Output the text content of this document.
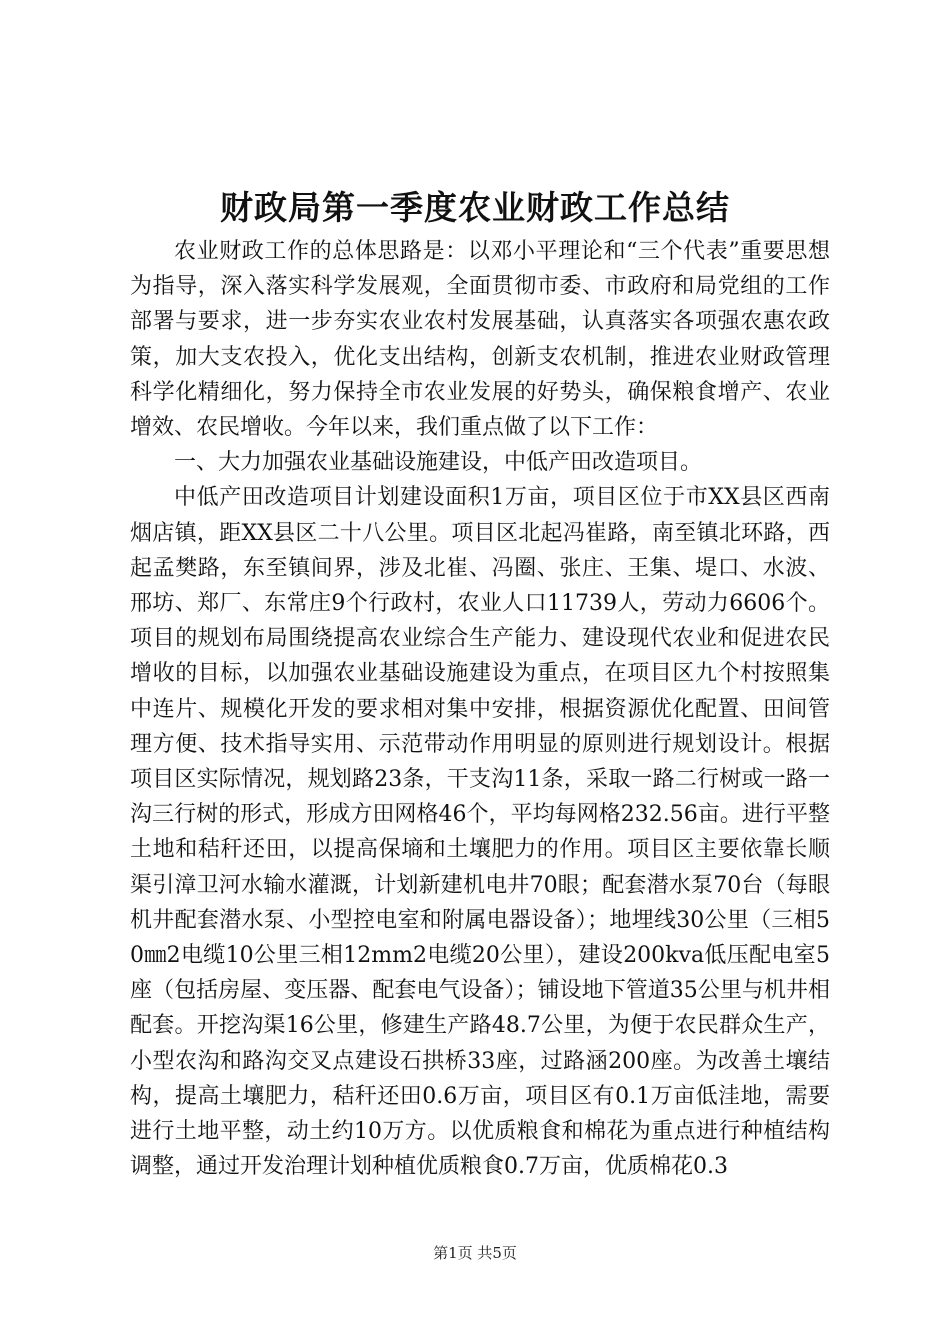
财政局第一季度农业财政工作总结

农业财政工作的总体思路是：以邓小平理论和“三个代表”重要思想为指导，深入落实科学发展观，全面贯彻市委、市政府和局党组的工作部署与要求，进一步夯实农业农村发展基础，认真落实各项强农惠农政策，加大支农投入，优化支出结构，创新支农机制，推进农业财政管理科学化精细化，努力保持全市农业发展的好势头，确保粮食增产、农业增效、农民增收。今年以来，我们重点做了以下工作：

一、大力加强农业基础设施建设，中低产田改造项目。

中低产田改造项目计划建设面积1万亩，项目区位于市XX县区西南烟店镇，距XX县区二十八公里。项目区北起冯崔路，南至镇北环路，西起孟樊路，东至镇间界，涉及北崔、冯圈、张庄、王集、堤口、水波、邢坊、郑厂、东常庄9个行政村，农业人口11739人，劳动力6606个。项目的规划布局围绕提高农业综合生产能力、建设现代农业和促进农民增收的目标，以加强农业基础设施建设为重点，在项目区九个村按照集中连片、规模化开发的要求相对集中安排，根据资源优化配置、田间管理方便、技术指导实用、示范带动作用明显的原则进行规划设计。根据项目区实际情况，规划路23条，干支沟11条，采取一路二行树或一路一沟三行树的形式，形成方田网格46个，平均每网格232.56亩。进行平整土地和秸秆还田，以提高保墒和土壤肥力的作用。项目区主要依靠长顺渠引漳卫河水输水灌溉，计划新建机电井70眼；配套潜水泵70台（每眼机井配套潜水泵、小型控电室和附属电器设备）；地埋线30公里（三相50㎜2电缆10公里三相12mm2电缆20公里），建设200kva低压配电室5座（包括房屋、变压器、配套电气设备）；铺设地下管道35公里与机井相配套。开挖沟渠16公里，修建生产路48.7公里，为便于农民群众生产，小型农沟和路沟交叉点建设石拱桥33座，过路涵200座。为改善土壤结构，提高土壤肥力，秸秆还田0.6万亩，项目区有0.1万亩低洼地，需要进行土地平整，动土约10万方。以优质粮食和棉花为重点进行种植结构调整，通过开发治理计划种植优质粮食0.7万亩，优质棉花0.3

第1页 共5页
